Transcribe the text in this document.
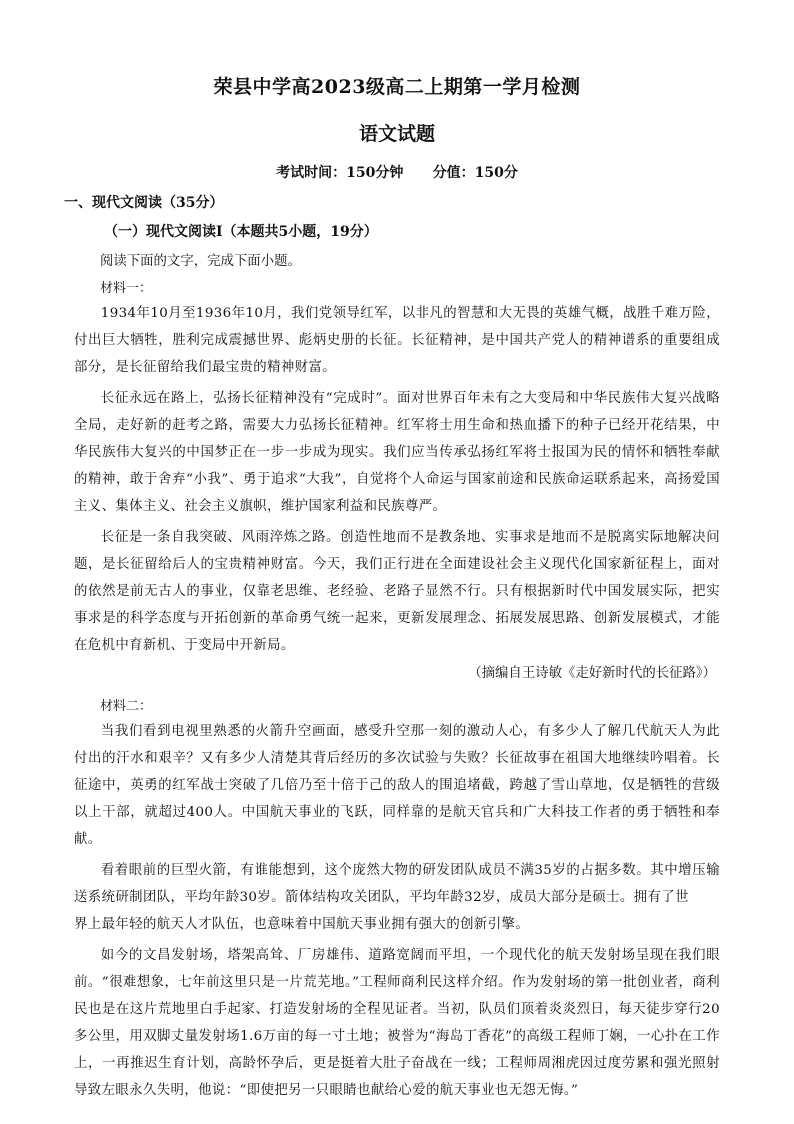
荣县中学高2023级高二上期第一学月检测
语文试题
考试时间：150分钟      分值：150分
一、现代文阅读（35分）
（一）现代文阅读Ⅰ（本题共5小题，19分）
阅读下面的文字，完成下面小题。
材料一：

1934年10月至1936年10月，我们党领导红军，以非凡的智慧和大无畏的英雄气概，战胜千难万险，付出巨大牺牲，胜利完成震撼世界、彪炳史册的长征。长征精神，是中国共产党人的精神谱系的重要组成部分，是长征留给我们最宝贵的精神财富。

长征永远在路上，弘扬长征精神没有“完成时”。面对世界百年未有之大变局和中华民族伟大复兴战略全局，走好新的赶考之路，需要大力弘扬长征精神。红军将士用生命和热血播下的种子已经开花结果，中华民族伟大复兴的中国梦正在一步一步成为现实。我们应当传承弘扬红军将士报国为民的情怀和牺牲奉献的精神，敢于舍弃“小我”、勇于追求“大我”，自觉将个人命运与国家前途和民族命运联系起来，高扬爱国主义、集体主义、社会主义旗帜，维护国家利益和民族尊严。

长征是一条自我突破、风雨淬炼之路。创造性地而不是教条地、实事求是地而不是脱离实际地解决问题，是长征留给后人的宝贵精神财富。今天，我们正行进在全面建设社会主义现代化国家新征程上，面对的依然是前无古人的事业，仅靠老思维、老经验、老路子显然不行。只有根据新时代中国发展实际，把实事求是的科学态度与开拓创新的革命勇气统一起来，更新发展理念、拓展发展思路、创新发展模式，才能在危机中育新机、于变局中开新局。

（摘编自王诗敏《走好新时代的长征路》）
材料二：

当我们看到电视里熟悉的火箭升空画面，感受升空那一刻的激动人心，有多少人了解几代航天人为此付出的汗水和艰辛？又有多少人清楚其背后经历的多次试验与失败？长征故事在祖国大地继续吟唱着。长征途中，英勇的红军战士突破了几倍乃至十倍于己的敌人的围追堵截，跨越了雪山草地，仅是牺牲的营级以上干部，就超过400人。中国航天事业的飞跃，同样靠的是航天官兵和广大科技工作者的勇于牺牲和奉献。

看着眼前的巨型火箭，有谁能想到，这个庞然大物的研发团队成员不满35岁的占据多数。其中增压输送系统研制团队，平均年龄30岁。箭体结构攻关团队，平均年龄32岁，成员大部分是硕士。拥有了世

界上最年轻的航天人才队伍，也意味着中国航天事业拥有强大的创新引擎。

如今的文昌发射场，塔架高耸、厂房雄伟、道路宽阔而平坦，一个现代化的航天发射场呈现在我们眼前。“很难想象，七年前这里只是一片荒芜地。”工程师商利民这样介绍。作为发射场的第一批创业者，商利民也是在这片荒地里白手起家、打造发射场的全程见证者。当初，队员们顶着炎炎烈日，每天徒步穿行20多公里，用双脚丈量发射场1.6万亩的每一寸土地；被誉为“海岛丁香花”的高级工程师丁娴，一心扑在工作上，一再推迟生育计划，高龄怀孕后，更是挺着大肚子奋战在一线；工程师周湘虎因过度劳累和强光照射导致左眼永久失明，他说：“即使把另一只眼睛也献给心爱的航天事业也无怨无悔。”
